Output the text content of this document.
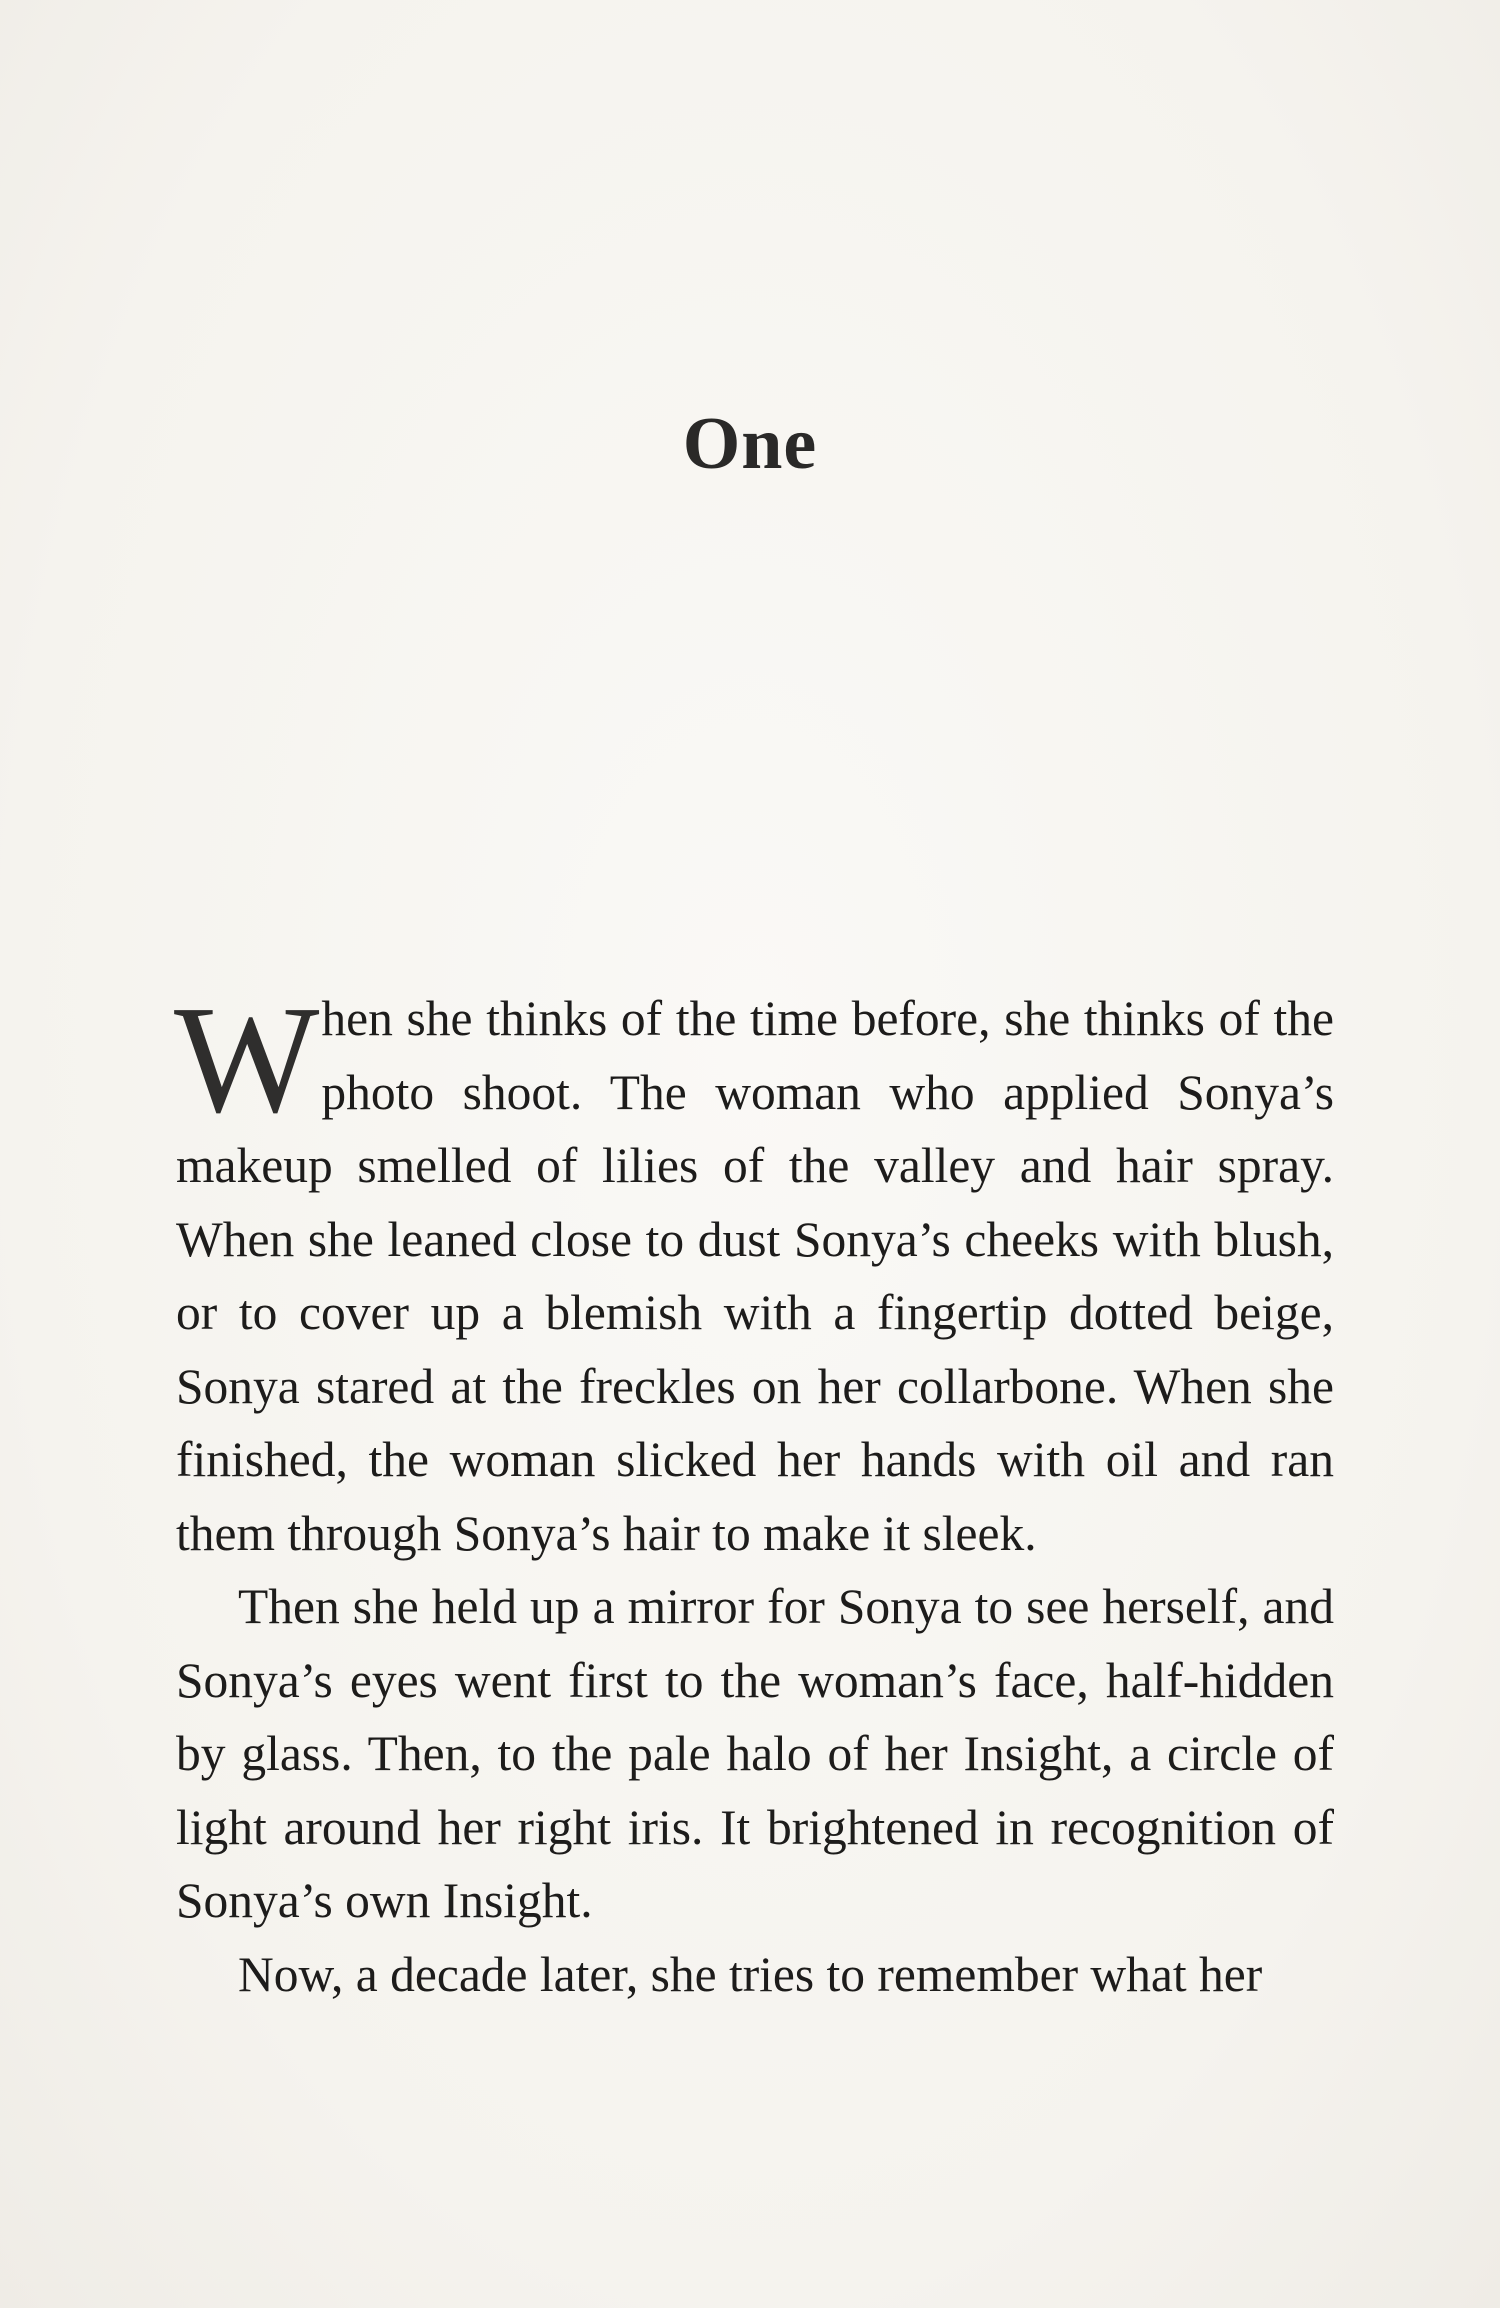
One

When she thinks of the time before, she thinks of the photo shoot. The woman who applied Sonya’s makeup smelled of lilies of the valley and hair spray. When she leaned close to dust Sonya’s cheeks with blush, or to cover up a blemish with a fingertip dotted beige, Sonya stared at the freckles on her collarbone. When she finished, the woman slicked her hands with oil and ran them through Sonya’s hair to make it sleek.

Then she held up a mirror for Sonya to see herself, and Sonya’s eyes went first to the woman’s face, half-hidden by glass. Then, to the pale halo of her Insight, a circle of light around her right iris. It brightened in recognition of Sonya’s own Insight.

Now, a decade later, she tries to remember what her
